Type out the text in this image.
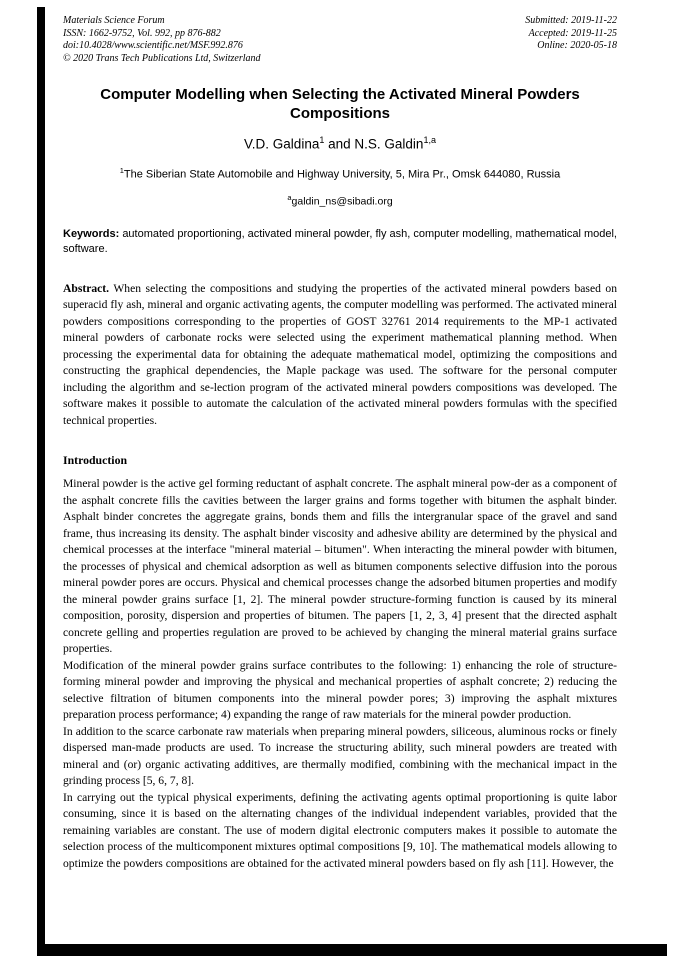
Materials Science Forum
ISSN: 1662-9752, Vol. 992, pp 876-882
doi:10.4028/www.scientific.net/MSF.992.876
© 2020 Trans Tech Publications Ltd, Switzerland
Submitted: 2019-11-22
Accepted: 2019-11-25
Online: 2020-05-18
Computer Modelling when Selecting the Activated Mineral Powders Compositions
V.D. Galdina$^1$ and N.S. Galdin$^{1,a}$
$^1$The Siberian State Automobile and Highway University, 5, Mira Pr., Omsk 644080, Russia
$^a$galdin_ns@sibadi.org

Keywords: automated proportioning, activated mineral powder, fly ash, computer modelling, mathematical model, software.

Abstract. When selecting the compositions and studying the properties of the activated mineral powders based on superacid fly ash, mineral and organic activating agents, the computer modelling was performed. The activated mineral powders compositions corresponding to the properties of GOST 32761 2014 requirements to the MP-1 activated mineral powders of carbonate rocks were selected using the experiment mathematical planning method. When processing the experimental data for obtaining the adequate mathematical model, optimizing the compositions and constructing the graphical dependencies, the Maple package was used. The software for the personal computer including the algorithm and se-lection program of the activated mineral powders compositions was developed. The software makes it possible to automate the calculation of the activated mineral powders formulas with the specified technical properties.

Introduction

Mineral powder is the active gel forming reductant of asphalt concrete. The asphalt mineral pow-der as a component of the asphalt concrete fills the cavities between the larger grains and forms together with bitumen the asphalt binder. Asphalt binder concretes the aggregate grains, bonds them and fills the intergranular space of the gravel and sand frame, thus increasing its density. The asphalt binder viscosity and adhesive ability are determined by the physical and chemical processes at the interface "mineral material – bitumen". When interacting the mineral powder with bitumen, the processes of physical and chemical adsorption as well as bitumen components selective diffusion into the porous mineral powder pores are occurs. Physical and chemical processes change the adsorbed bitumen properties and modify the mineral powder grains surface [1, 2]. The mineral powder structure-forming function is caused by its mineral composition, porosity, dispersion and properties of bitumen. The papers [1, 2, 3, 4] present that the directed asphalt concrete gelling and properties regulation are proved to be achieved by changing the mineral material grains surface properties.

Modification of the mineral powder grains surface contributes to the following: 1) enhancing the role of structure-forming mineral powder and improving the physical and mechanical properties of asphalt concrete; 2) reducing the selective filtration of bitumen components into the mineral powder pores; 3) improving the asphalt mixtures preparation process performance; 4) expanding the range of raw materials for the mineral powder production.

In addition to the scarce carbonate raw materials when preparing mineral powders, siliceous, aluminous rocks or finely dispersed man-made products are used. To increase the structuring ability, such mineral powders are treated with mineral and (or) organic activating additives, are thermally modified, combining with the mechanical impact in the grinding process [5, 6, 7, 8].

In carrying out the typical physical experiments, defining the activating agents optimal proportioning is quite labor consuming, since it is based on the alternating changes of the individual independent variables, provided that the remaining variables are constant. The use of modern digital electronic computers makes it possible to automate the selection process of the multicomponent mixtures optimal compositions [9, 10]. The mathematical models allowing to optimize the powders compositions are obtained for the activated mineral powders based on fly ash [11]. However, the
